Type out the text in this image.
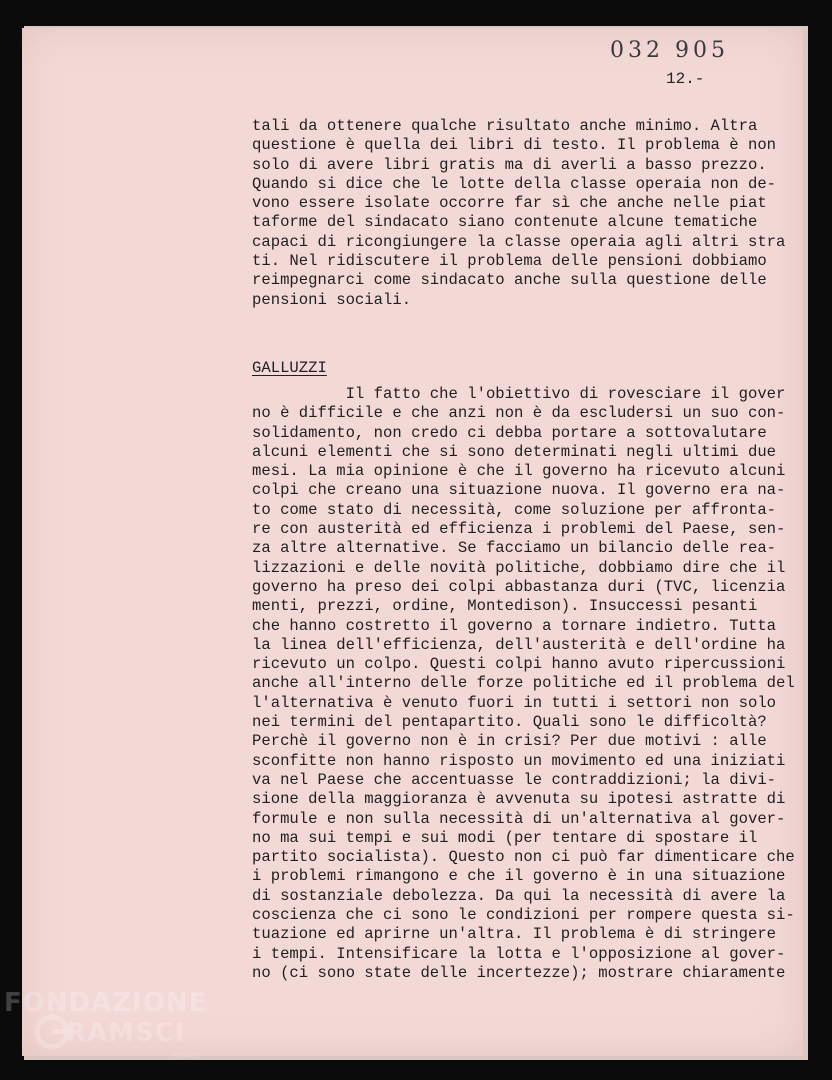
032 905
12.-
tali da ottenere qualche risultato anche minimo. Altra
questione è quella dei libri di testo. Il problema è non
solo di avere libri gratis ma di averli a basso prezzo.
Quando si dice che le lotte della classe operaia non de-
vono essere isolate occorre far sì che anche nelle piat
taforme del sindacato siano contenute alcune tematiche
capaci di ricongiungere la classe operaia agli altri stra
ti. Nel ridiscutere il problema delle pensioni dobbiamo
reimpegnarci come sindacato anche sulla questione delle
pensioni sociali.
GALLUZZI
Il fatto che l'obiettivo di rovesciare il gover
no è difficile e che anzi non è da escludersi un suo con-
solidamento, non credo ci debba portare a sottovalutare
alcuni elementi che si sono determinati negli ultimi due
mesi. La mia opinione è che il governo ha ricevuto alcuni
colpi che creano una situazione nuova. Il governo era na-
to come stato di necessità, come soluzione per affronta-
re con austerità ed efficienza i problemi del Paese, sen-
za altre alternative. Se facciamo un bilancio delle rea-
lizzazioni e delle novità politiche, dobbiamo dire che il
governo ha preso dei colpi abbastanza duri (TVC, licenzia
menti, prezzi, ordine, Montedison). Insuccessi pesanti
che hanno costretto il governo a tornare indietro. Tutta
la linea dell'efficienza, dell'austerità e dell'ordine ha
ricevuto un colpo. Questi colpi hanno avuto ripercussioni
anche all'interno delle forze politiche ed il problema del
l'alternativa è venuto fuori in tutti i settori non solo
nei termini del pentapartito. Quali sono le difficoltà?
Perchè il governo non è in crisi? Per due motivi : alle
sconfitte non hanno risposto un movimento ed una iniziati
va nel Paese che accentuasse le contraddizioni; la divi-
sione della maggioranza è avvenuta su ipotesi astratte di
formule e non sulla necessità di un'alternativa al gover-
no ma sui tempi e sui modi (per tentare di spostare il
partito socialista). Questo non ci può far dimenticare che
i problemi rimangono e che il governo è in una situazione
di sostanziale debolezza. Da qui la necessità di avere la
coscienza che ci sono le condizioni per rompere questa si-
tuazione ed aprirne un'altra. Il problema è di stringere
i tempi. Intensificare la lotta e l'opposizione al gover-
no (ci sono state delle incertezze); mostrare chiaramente
FONDAZIONE
RAMSCI
onlus
